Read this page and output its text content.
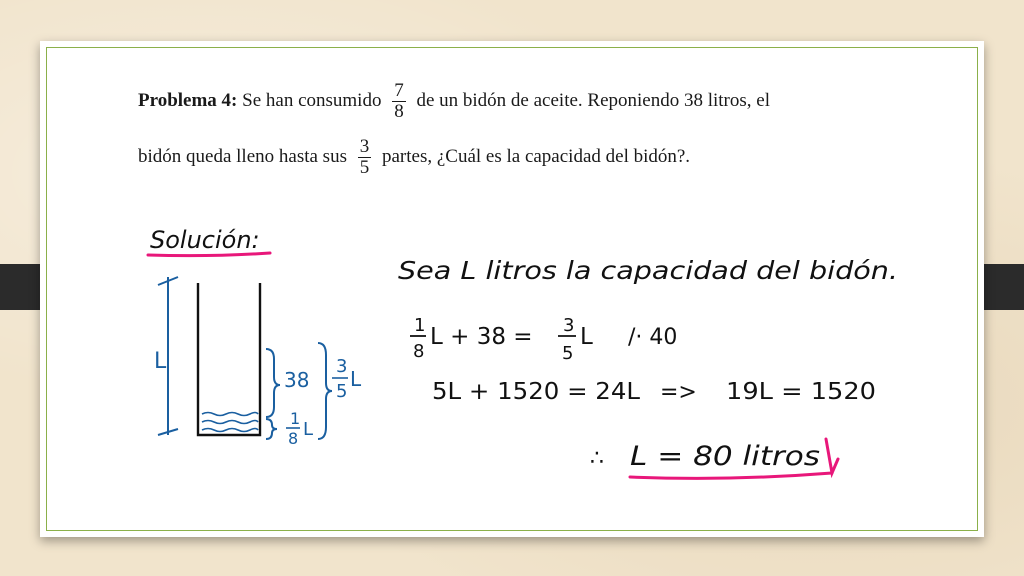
Problema 4: Se han consumido $\frac{7}{8}$ de un bidón de aceite. Reponiendo 38 litros, el
bidón queda lleno hasta sus $\frac{3}{5}$ partes, ¿Cuál es la capacidad del bidón?.
Solución:
L
38
1
8 L
3
5
L
Sea L litros la capacidad del bidón.
1
8
L + 38 = 3
5
L /· 40
5L + 1520 = 24L => 19L = 1520
∴ L = 80 litros
